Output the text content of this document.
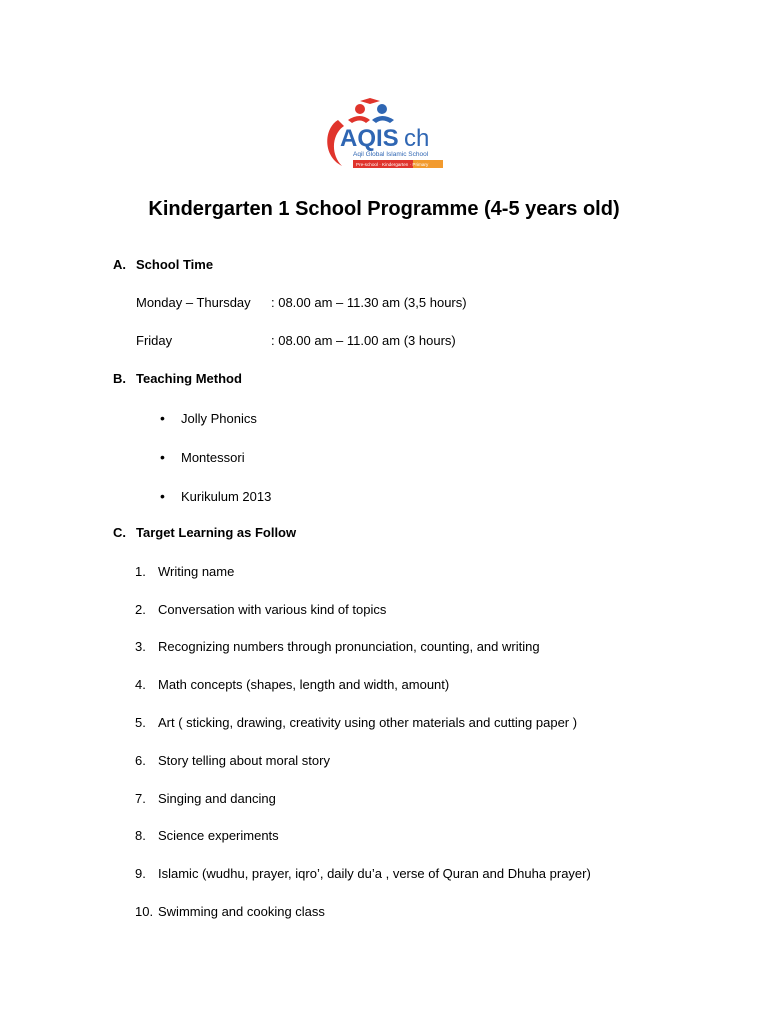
AQIS ch
Aqil Global Islamic School
Pre-school · Kindergarten · Primary
Kindergarten 1 School Programme (4-5 years old)
A. School Time
Monday – Thursday : 08.00 am – 11.30 am (3,5 hours)
Friday	: 08.00 am – 11.00 am (3 hours)
B. Teaching Method
• Jolly Phonics
• Montessori
• Kurikulum 2013
C. Target Learning as Follow
1. Writing name
2. Conversation with various kind of topics
3. Recognizing numbers through pronunciation, counting, and writing
4. Math concepts (shapes, length and width, amount)
5. Art ( sticking, drawing, creativity using other materials and cutting paper )
6. Story telling about moral story
7. Singing and dancing
8. Science experiments
9. Islamic (wudhu, prayer, iqro’, daily du’a , verse of Quran and Dhuha prayer)
10. Swimming and cooking class
